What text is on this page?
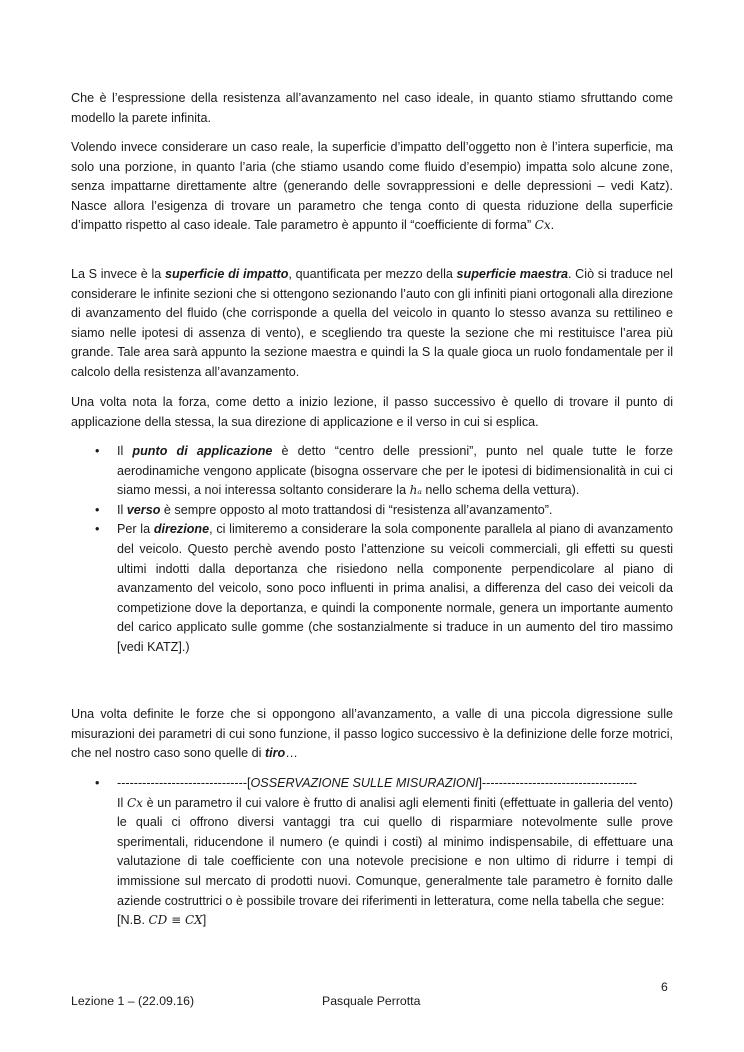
Che è l’espressione della resistenza all’avanzamento nel caso ideale, in quanto stiamo sfruttando come modello la parete infinita.

Volendo invece considerare un caso reale, la superficie d’impatto dell’oggetto non è l’intera superficie, ma solo una porzione, in quanto l’aria (che stiamo usando come fluido d’esempio) impatta solo alcune zone, senza impattarne direttamente altre (generando delle sovrappressioni e delle depressioni – vedi Katz). Nasce allora l’esigenza di trovare un parametro che tenga conto di questa riduzione della superficie d’impatto rispetto al caso ideale. Tale parametro è appunto il “coefficiente di forma” Cx.

La S invece è la superficie di impatto, quantificata per mezzo della superficie maestra. Ciò si traduce nel considerare le infinite sezioni che si ottengono sezionando l’auto con gli infiniti piani ortogonali alla direzione di avanzamento del fluido (che corrisponde a quella del veicolo in quanto lo stesso avanza su rettilineo e siamo nelle ipotesi di assenza di vento), e scegliendo tra queste la sezione che mi restituisce l’area più grande. Tale area sarà appunto la sezione maestra e quindi la S la quale gioca un ruolo fondamentale per il calcolo della resistenza all’avanzamento.

Una volta nota la forza, come detto a inizio lezione, il passo successivo è quello di trovare il punto di applicazione della stessa, la sua direzione di applicazione e il verso in cui si esplica.

• Il punto di applicazione è detto “centro delle pressioni”, punto nel quale tutte le forze aerodinamiche vengono applicate (bisogna osservare che per le ipotesi di bidimensionalità in cui ci siamo messi, a noi interessa soltanto considerare la hₐ nello schema della vettura).
• Il verso è sempre opposto al moto trattandosi di “resistenza all’avanzamento”.
• Per la direzione, ci limiteremo a considerare la sola componente parallela al piano di avanzamento del veicolo. Questo perchè avendo posto l’attenzione su veicoli commerciali, gli effetti su questi ultimi indotti dalla deportanza che risiedono nella componente perpendicolare al piano di avanzamento del veicolo, sono poco influenti in prima analisi, a differenza del caso dei veicoli da competizione dove la deportanza, e quindi la componente normale, genera un importante aumento del carico applicato sulle gomme (che sostanzialmente si traduce in un aumento del tiro massimo [vedi KATZ].)

Una volta definite le forze che si oppongono all’avanzamento, a valle di una piccola digressione sulle misurazioni dei parametri di cui sono funzione, il passo logico successivo è la definizione delle forze motrici, che nel nostro caso sono quelle di tiro…

• -------------------------------[OSSERVAZIONE SULLE MISURAZIONI]-------------------------------------
Il Cx è un parametro il cui valore è frutto di analisi agli elementi finiti (effettuate in galleria del vento) le quali ci offrono diversi vantaggi tra cui quello di risparmiare notevolmente sulle prove sperimentali, riducendone il numero (e quindi i costi) al minimo indispensabile, di effettuare una valutazione di tale coefficiente con una notevole precisione e non ultimo di ridurre i tempi di immissione sul mercato di prodotti nuovi. Comunque, generalmente tale parametro è fornito dalle aziende costruttrici o è possibile trovare dei riferimenti in letteratura, come nella tabella che segue:
[N.B. CD ≡ CX]
6
Lezione 1 – (22.09.16)	Pasquale Perrotta
